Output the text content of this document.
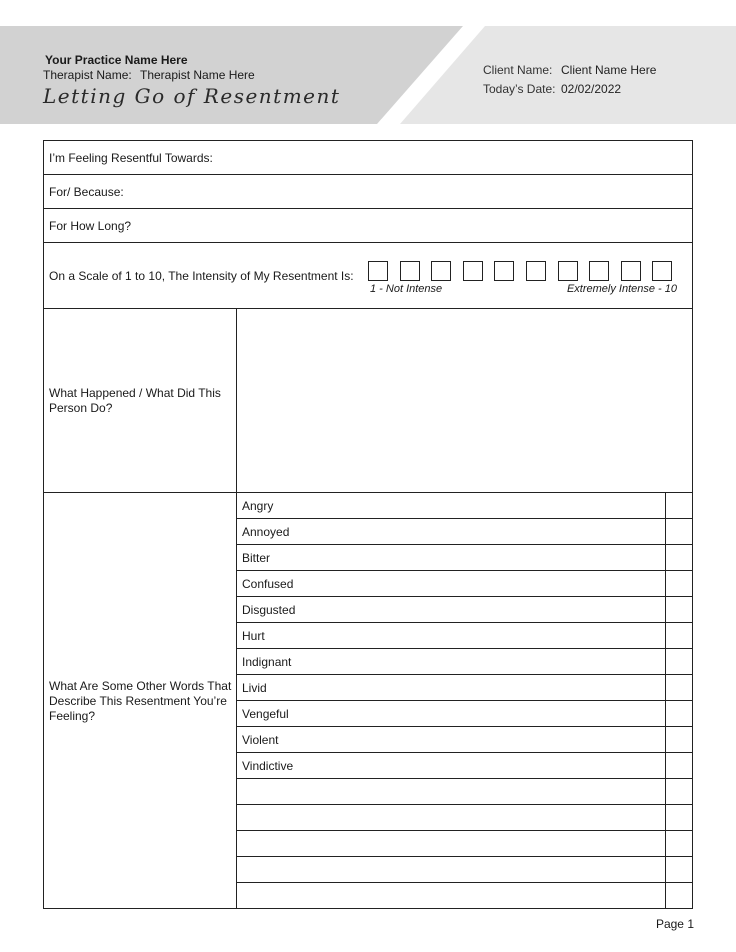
Your Practice Name Here
Therapist Name: Therapist Name Here
Letting Go of Resentment
Client Name: Client Name Here
Today’s Date: 02/02/2022
I’m Feeling Resentful Towards:
For/ Because:
For How Long?
On a Scale of 1 to 10, The Intensity of My Resentment Is:
1 - Not Intense	Extremely Intense - 10
What Happened / What Did This Person Do?
What Are Some Other Words That Describe This Resentment You’re Feeling?
Angry
Annoyed
Bitter
Confused
Disgusted
Hurt
Indignant
Livid
Vengeful
Violent
Vindictive
Page 1
